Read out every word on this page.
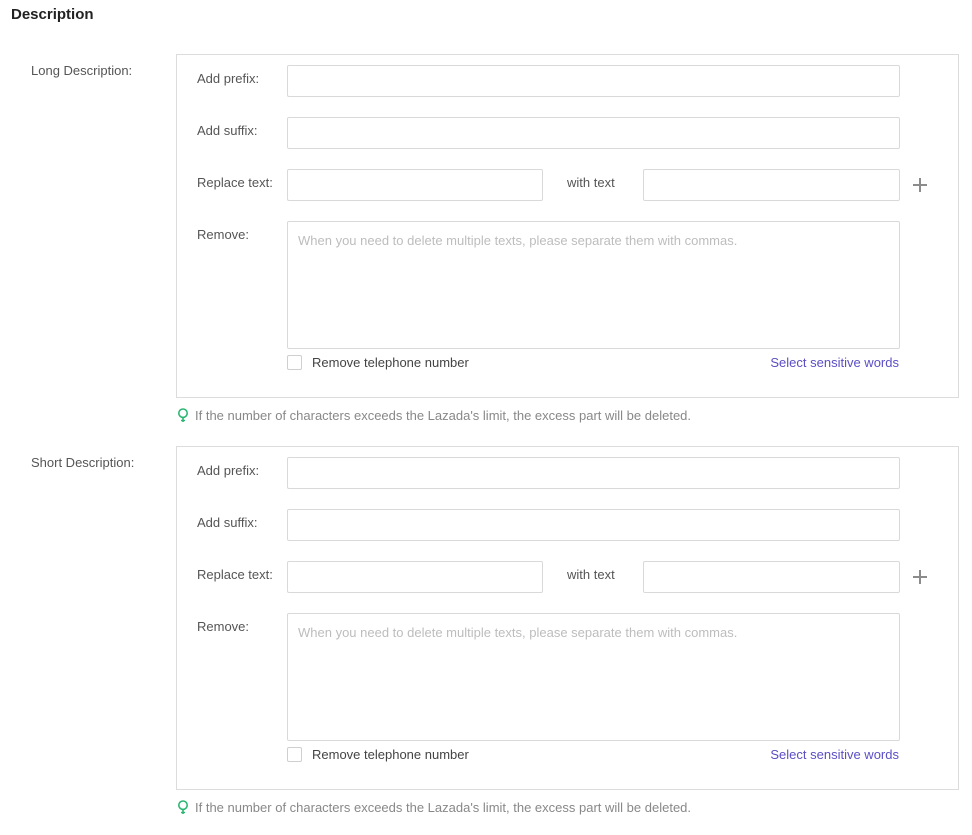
Description
Long Description:
Add prefix:
Add suffix:
Replace text:	with text
Remove:
When you need to delete multiple texts, please separate them with commas.
Remove telephone number	Select sensitive words
If the number of characters exceeds the Lazada's limit, the excess part will be deleted.
Short Description:
Add prefix:
Add suffix:
Replace text:	with text
Remove:
When you need to delete multiple texts, please separate them with commas.
Remove telephone number	Select sensitive words
If the number of characters exceeds the Lazada's limit, the excess part will be deleted.
